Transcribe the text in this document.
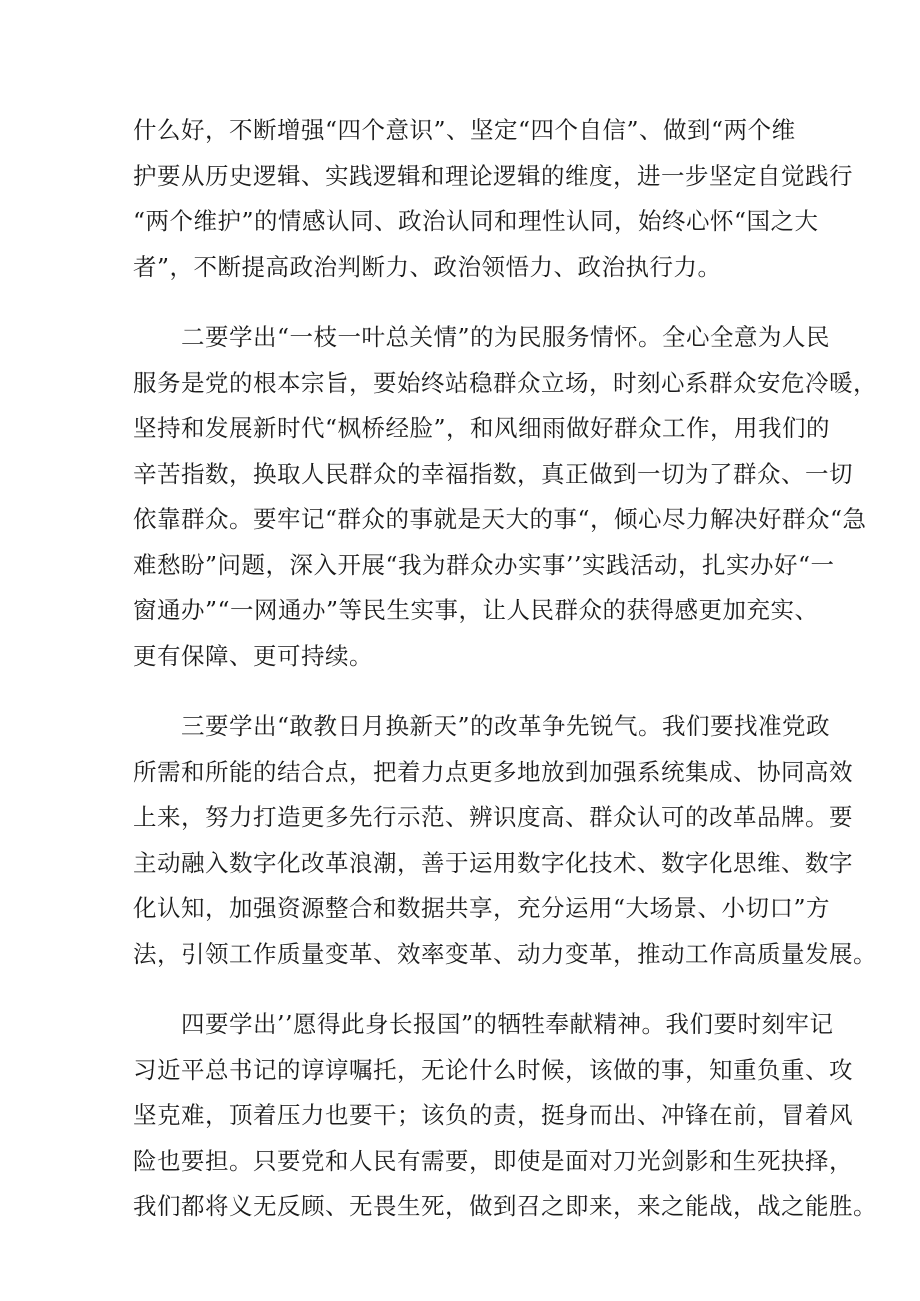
什么好，不断增强“四个意识”、坚定“四个自信”、做到“两个维
护要从历史逻辑、实践逻辑和理论逻辑的维度，进一步坚定自觉践行
“两个维护”的情感认同、政治认同和理性认同，始终心怀“国之大
者”，不断提高政治判断力、政治领悟力、政治执行力。
二要学出“一枝一叶总关情”的为民服务情怀。全心全意为人民
服务是党的根本宗旨，要始终站稳群众立场，时刻心系群众安危冷暖，
坚持和发展新时代“枫桥经脸”，和风细雨做好群众工作，用我们的
辛苦指数，换取人民群众的幸福指数，真正做到一切为了群众、一切
依靠群众。要牢记“群众的事就是天大的事“，倾心尽力解决好群众“急
难愁盼”问题，深入开展“我为群众办实事’’实践活动，扎实办好“一
窗通办”“一网通办”等民生实事，让人民群众的获得感更加充实、
更有保障、更可持续。
三要学出“敢教日月换新天”的改革争先锐气。我们要找准党政
所需和所能的结合点，把着力点更多地放到加强系统集成、协同高效
上来，努力打造更多先行示范、辨识度高、群众认可的改革品牌。要
主动融入数字化改革浪潮，善于运用数字化技术、数字化思维、数字
化认知，加强资源整合和数据共享，充分运用“大场景、小切口”方
法，引领工作质量变革、效率变革、动力变革，推动工作高质量发展。
四要学出’’愿得此身长报国”的牺牲奉献精神。我们要时刻牢记
习近平总书记的谆谆嘱托，无论什么时候，该做的事，知重负重、攻
坚克难，顶着压力也要干；该负的责，挺身而出、冲锋在前，冒着风
险也要担。只要党和人民有需要，即使是面对刀光剑影和生死抉择，
我们都将义无反顾、无畏生死，做到召之即来，来之能战，战之能胜。
